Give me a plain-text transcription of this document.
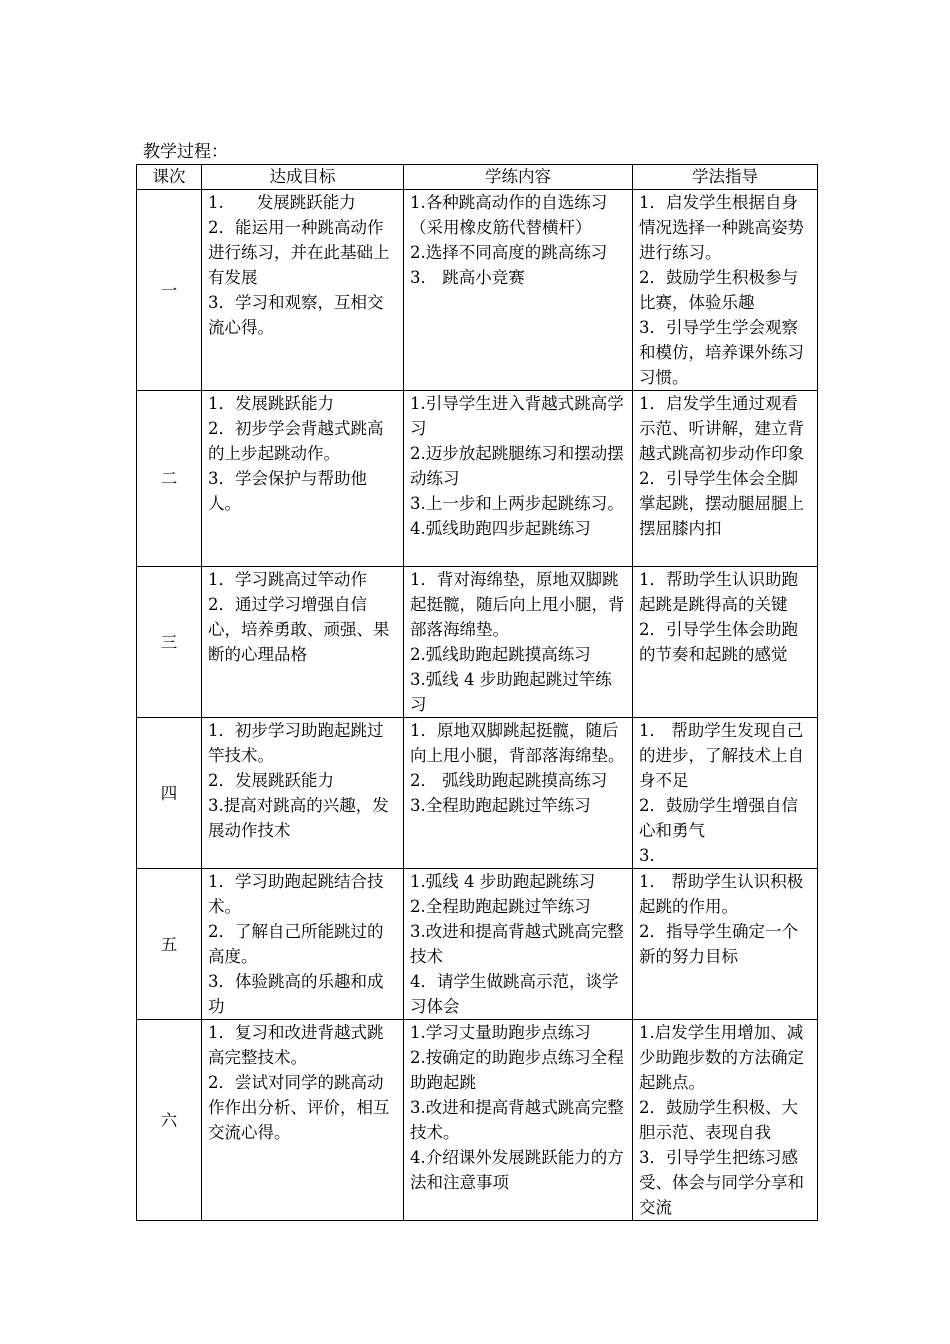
教学过程：
课次	达成目标	学练内容	学法指导
一	1.　　发展跳跃能力
2．能运用一种跳高动作进行练习，并在此基础上有发展
3．学习和观察，互相交流心得。	1.各种跳高动作的自选练习（采用橡皮筋代替横杆）
2.选择不同高度的跳高练习
3． 跳高小竞赛	1．启发学生根据自身情况选择一种跳高姿势进行练习。
2．鼓励学生积极参与比赛，体验乐趣
3．引导学生学会观察和模仿，培养课外练习习惯。

二	1．发展跳跃能力
2．初步学会背越式跳高的上步起跳动作。
3．学会保护与帮助他人。	1.引导学生进入背越式跳高学习
2.迈步放起跳腿练习和摆动摆动练习
3.上一步和上两步起跳练习。
4.弧线助跑四步起跳练习	1．启发学生通过观看示范、听讲解，建立背越式跳高初步动作印象
2．引导学生体会全脚掌起跳，摆动腿屈腿上摆屈膝内扣

三	1．学习跳高过竿动作
2．通过学习增强自信心，培养勇敢、顽强、果断的心理品格	1．背对海绵垫，原地双脚跳起挺髋，随后向上甩小腿，背部落海绵垫。
2.弧线助跑起跳摸高练习
3.弧线 4 步助跑起跳过竿练习	1．帮助学生认识助跑起跳是跳得高的关键
2．引导学生体会助跑的节奏和起跳的感觉

四	1．初步学习助跑起跳过竿技术。
2．发展跳跃能力
3.提高对跳高的兴趣，发展动作技术	1．原地双脚跳起挺髋，随后向上甩小腿，背部落海绵垫。
2． 弧线助跑起跳摸高练习
3.全程助跑起跳过竿练习	1． 帮助学生发现自己的进步，了解技术上自身不足
2．鼓励学生增强自信心和勇气
3．

五	1．学习助跑起跳结合技术。
2．了解自己所能跳过的高度。
3．体验跳高的乐趣和成功	1.弧线 4 步助跑起跳练习
2.全程助跑起跳过竿练习
3.改进和提高背越式跳高完整技术
4．请学生做跳高示范，谈学习体会	1． 帮助学生认识积极起跳的作用。
2．指导学生确定一个新的努力目标

六	1．复习和改进背越式跳高完整技术。
2．尝试对同学的跳高动作作出分析、评价，相互交流心得。	1.学习丈量助跑步点练习
2.按确定的助跑步点练习全程助跑起跳
3.改进和提高背越式跳高完整技术。
4.介绍课外发展跳跃能力的方法和注意事项	1.启发学生用增加、减少助跑步数的方法确定起跳点。
2．鼓励学生积极、大胆示范、表现自我
3．引导学生把练习感受、体会与同学分享和交流
